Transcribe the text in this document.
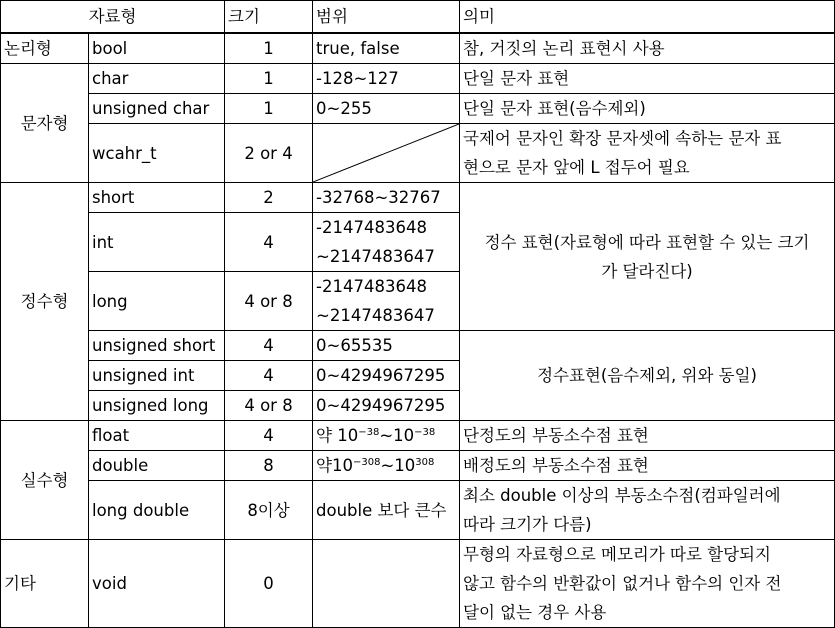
자료형		크기	범위	의미
논리형	bool	1	true, false	참, 거짓의 논리 표현시 사용
문자형	char	1	-128~127	단일 문자 표현
	unsigned char	1	0~255	단일 문자 표현(음수제외)
	wcahr_t	2 or 4		국제어 문자인 확장 문자셋에 속하는 문자 표
현으로 문자 앞에 L 접두어 필요

정수형	short	2	-32768~32767	정수 표현(자료형에 따라 표현할 수 있는 크기
가 달라진다)

	int	4	-2147483648
~2147483647	

	long	4 or 8	-2147483648
~2147483647	

	unsigned short	4	0~65535	정수표현(음수제외, 위와 동일)
	unsigned int	4	0~4294967295	
	unsigned long	4 or 8	0~4294967295	
실수형	float	4	약 $10^{-38}\sim 10^{-38}$	단정도의 부동소수점 표현
	double	8	약$10^{-308}\sim 10^{308}$	배정도의 부동소수점 표현
	long double	8이상	double 보다 큰수	최소 double 이상의 부동소수점(컴파일러에
따라 크기가 다름)

기타	void	0		무형의 자료형으로 메모리가 따로 할당되지
않고 함수의 반환값이 없거나 함수의 인자 전
달이 없는 경우 사용
